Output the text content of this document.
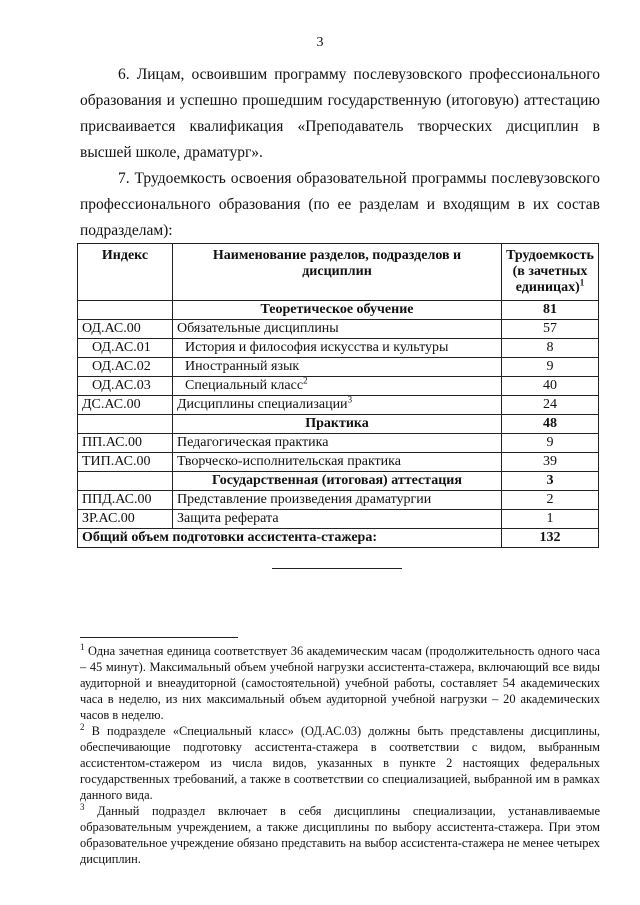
3

6. Лицам, освоившим программу послевузовского профессионального образования и успешно прошедшим государственную (итоговую) аттестацию присваивается квалификация «Преподаватель творческих дисциплин в высшей школе, драматург».

7. Трудоемкость освоения образовательной программы послевузовского профессионального образования (по ее разделам и входящим в их состав подразделам):

Индекс	Наименование разделов, подразделов и дисциплин	Трудоемкость (в зачетных единицах)$^1$
	Теоретическое обучение	81
ОД.АС.00	Обязательные дисциплины	57
ОД.АС.01	История и философия искусства и культуры	8
ОД.АС.02	Иностранный язык	9
ОД.АС.03	Специальный класс$^2$	40
ДС.АС.00	Дисциплины специализации$^3$	24
	Практика	48
ПП.АС.00	Педагогическая практика	9
ТИП.АС.00	Творческо-исполнительская практика	39
	Государственная (итоговая) аттестация	3
ППД.АС.00	Представление произведения драматургии	2
ЗР.АС.00	Защита реферата	1
Общий объем подготовки ассистента-стажера:		132

$^1$ Одна зачетная единица соответствует 36 академическим часам (продолжительность одного часа – 45 минут). Максимальный объем учебной нагрузки ассистента-стажера, включающий все виды аудиторной и внеаудиторной (самостоятельной) учебной работы, составляет 54 академических часа в неделю, из них максимальный объем аудиторной учебной нагрузки – 20 академических часов в неделю.

$^2$ В подразделе «Специальный класс» (ОД.АС.03) должны быть представлены дисциплины, обеспечивающие подготовку ассистента-стажера в соответствии с видом, выбранным ассистентом-стажером из числа видов, указанных в пункте 2 настоящих федеральных государственных требований, а также в соответствии со специализацией, выбранной им в рамках данного вида.

$^3$ Данный подраздел включает в себя дисциплины специализации, устанавливаемые образовательным учреждением, а также дисциплины по выбору ассистента-стажера. При этом образовательное учреждение обязано представить на выбор ассистента-стажера не менее четырех дисциплин.
